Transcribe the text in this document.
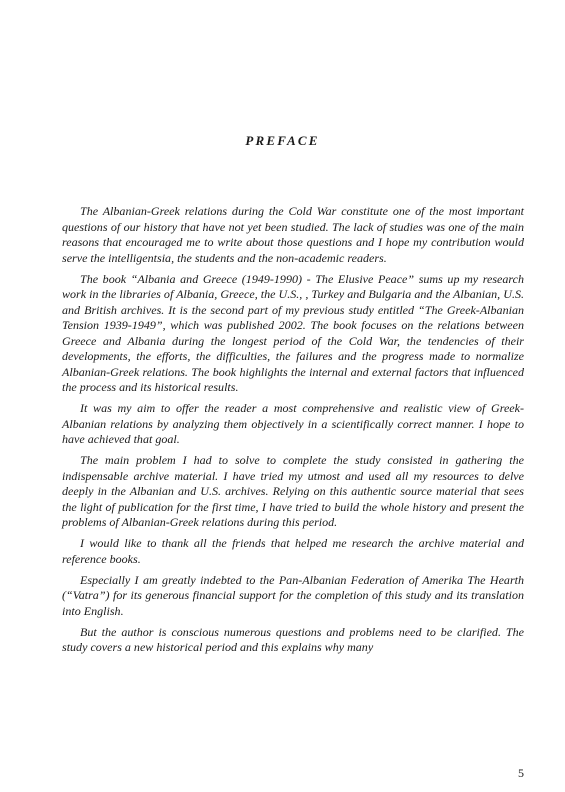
PREFACE

The Albanian-Greek relations during the Cold War constitute one of the most important questions of our history that have not yet been studied. The lack of studies was one of the main reasons that encouraged me to write about those questions and I hope my contribution would serve the intelligentsia, the students and the non-academic readers.

The book “Albania and Greece (1949-1990) - The Elusive Peace” sums up my research work in the libraries of Albania, Greece, the U.S., , Turkey and Bulgaria and the Albanian, U.S. and British archives. It is the second part of my previous study entitled “The Greek-Albanian Tension 1939-1949”, which was published 2002. The book focuses on the relations between Greece and Albania during the longest period of the Cold War, the tendencies of their developments, the efforts, the difficulties, the failures and the progress made to normalize Albanian-Greek relations. The book highlights the internal and external factors that influenced the process and its historical results.

It was my aim to offer the reader a most comprehensive and realistic view of Greek-Albanian relations by analyzing them objectively in a scientifically correct manner. I hope to have achieved that goal.

The main problem I had to solve to complete the study consisted in gathering the indispensable archive material. I have tried my utmost and used all my resources to delve deeply in the Albanian and U.S. archives. Relying on this authentic source material that sees the light of publication for the first time, I have tried to build the whole history and present the problems of Albanian-Greek relations during this period.

I would like to thank all the friends that helped me research the archive material and reference books.

Especially I am greatly indebted to the Pan-Albanian Federation of Amerika The Hearth (“Vatra”) for its generous financial support for the completion of this study and its translation into English.

But the author is conscious numerous questions and problems need to be clarified. The study covers a new historical period and this explains why many

5
